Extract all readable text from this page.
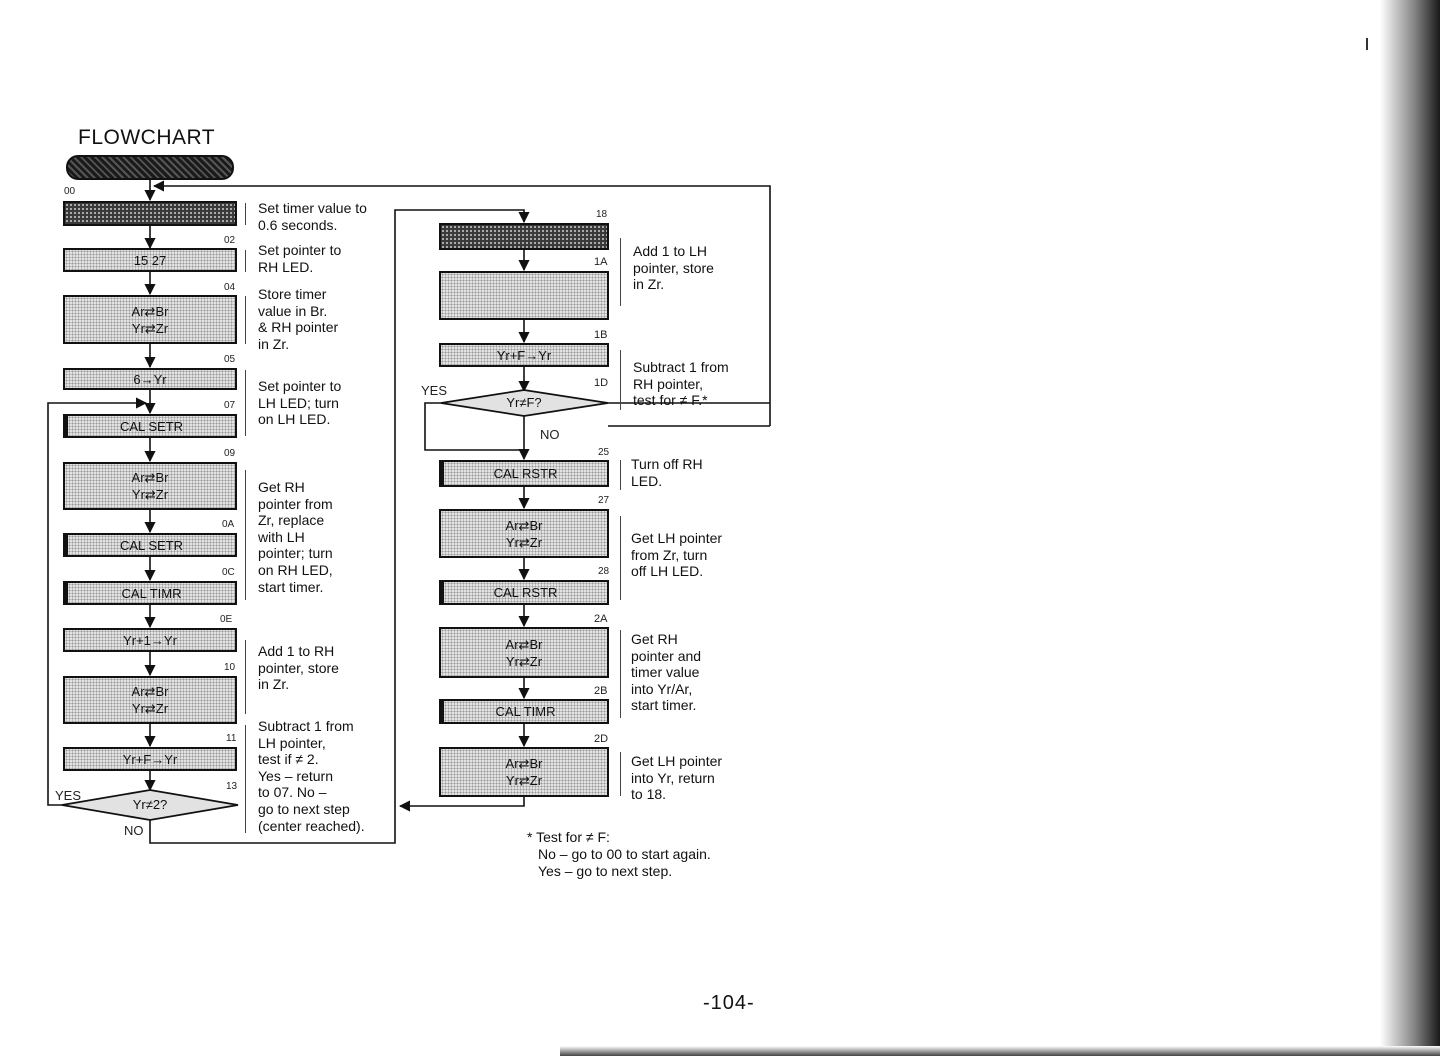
Yr≠2?
Yr≠F?
FLOWCHART
15 27
Ar⇄Br
Yr⇄Zr
6→Yr
CAL SETR
Ar⇄Br
Yr⇄Zr
CAL SETR
CAL TIMR
Yr+1→Yr
Ar⇄Br
Yr⇄Zr
Yr+F→Yr
Yr+F→Yr
CAL RSTR
Ar⇄Br
Yr⇄Zr
CAL RSTR
Ar⇄Br
Yr⇄Zr
CAL TIMR
Ar⇄Br
Yr⇄Zr
00
02
04
05
07
09
0A
0C
0E
10
11
13
18
1A
1B
1D
25
27
28
2A
2B
2D
YES
NO
YES
NO
Set timer value to
0.6 seconds.
Set pointer to
RH LED.
Store timer
value in Br.
& RH pointer
in Zr.
Set pointer to
LH LED; turn
on LH LED.
Get RH
pointer from
Zr, replace
with LH
pointer; turn
on RH LED,
start timer.
Add 1 to RH
pointer, store
in Zr.
Subtract 1 from
LH pointer,
test if ≠ 2.
Yes – return
to 07. No –
go to next step
(center reached).
Add 1 to LH
pointer, store
in Zr.
Subtract 1 from
RH pointer,
test for ≠ F.*
Turn off RH
LED.
Get LH pointer
from Zr, turn
off LH LED.
Get RH
pointer and
timer value
into Yr/Ar,
start timer.
Get LH pointer
into Yr, return
to 18.
* Test for ≠ F:
No – go to 00 to start again.
Yes – go to next step.
-104-
